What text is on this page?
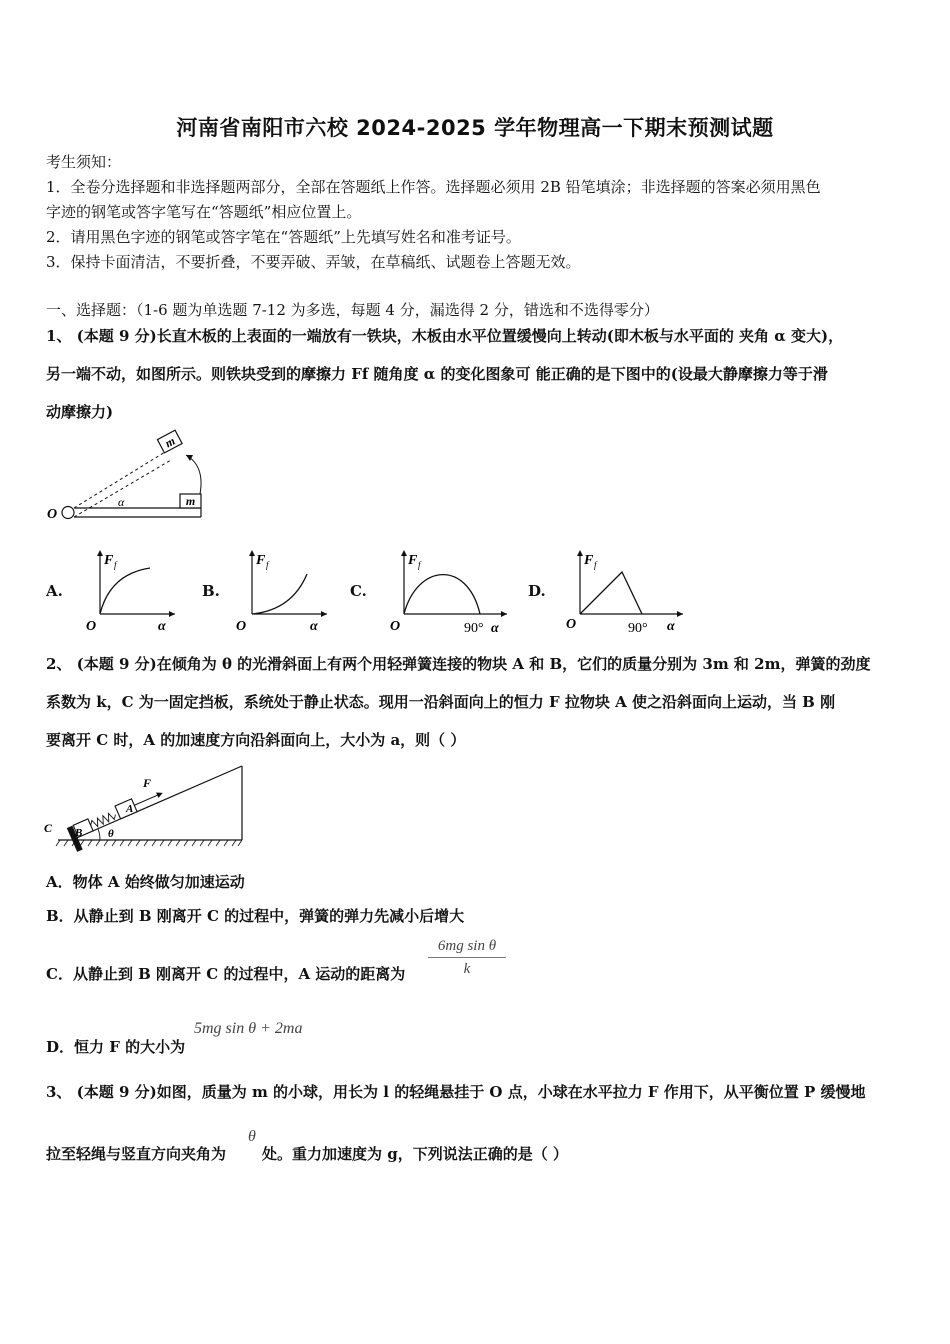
河南省南阳市六校 2024-2025 学年物理高一下期末预测试题
考生须知：
1．全卷分选择题和非选择题两部分，全部在答题纸上作答。选择题必须用 2B 铅笔填涂；非选择题的答案必须用黑色
字迹的钢笔或答字笔写在“答题纸”相应位置上。
2．请用黑色字迹的钢笔或答字笔在“答题纸”上先填写姓名和准考证号。
3．保持卡面清洁，不要折叠，不要弄破、弄皱，在草稿纸、试题卷上答题无效。
一、选择题：（1-6 题为单选题 7-12 为多选，每题 4 分，漏选得 2 分，错选和不选得零分）
1、 (本题 9 分)长直木板的上表面的一端放有一铁块，木板由水平位置缓慢向上转动(即木板与水平面的 夹角 α 变大)，
另一端不动，如图所示。则铁块受到的摩擦力 Ff 随角度 α 的变化图象可 能正确的是下图中的(设最大静摩擦力等于滑
动摩擦力)
m
m
α
O
A.
F f
O	α
B.
F f
O	α
C.
F f
O	90° α
D.
F f
O	90° α
2、 (本题 9 分)在倾角为 θ 的光滑斜面上有两个用轻弹簧连接的物块 A 和 B，它们的质量分别为 3m 和 2m，弹簧的劲度
系数为 k，C 为一固定挡板，系统处于静止状态。现用一沿斜面向上的恒力 F 拉物块 A 使之沿斜面向上运动，当 B 刚
要离开 C 时，A 的加速度方向沿斜面向上，大小为 a，则（ ）
θ
B
A
F
C
A．物体 A 始终做匀加速运动
B．从静止到 B 刚离开 C 的过程中，弹簧的弹力先减小后增大
C．从静止到 B 刚离开 C 的过程中，A 运动的距离为 $\frac{\text{6mg sin θ}}{k}$
D．恒力 F 的大小为
5mg sin θ + 2ma
3、 (本题 9 分)如图，质量为 m 的小球，用长为 l 的轻绳悬挂于 O 点，小球在水平拉力 F 作用下，从平衡位置 P 缓慢地
拉至轻绳与竖直方向夹角为
θ
处。重力加速度为 g，下列说法正确的是（ ）
